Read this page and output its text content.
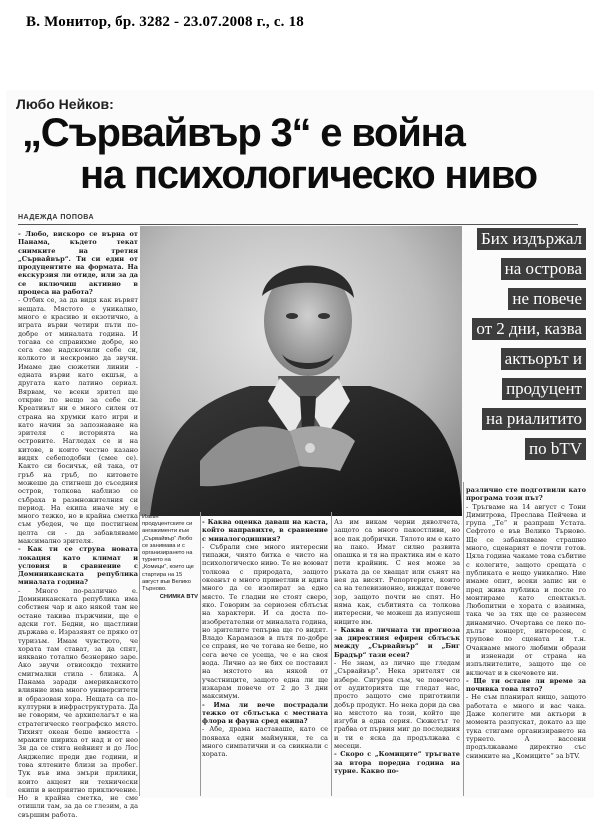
В. Монитор, бр. 3282 - 23.07.2008 г., с. 18
Любо Нейков:
„Сървайвър 3“ е война
на психологическо ниво
НАДЕЖДА ПОПОВА
Бих издържал
на острова
не повече
от 2 дни, казва
актьорът и
продуцент
на риалитито
по bTV

- Любо, вискоро се върна от Панама, където текат снимките на третия „Сървайвър“. Ти си един от продуцентите на формата. На екскурзия ли отиде, или за да се включиш активно в процеса на работа?

- Отбих се, за да видя как вървят нещата. Мястото е уникално, много е красиво и екзотично, а играта върви четири пъти по-добре от миналата година. И тогава се справихме добре, но сега сме надскочили себе си, колкото и нескромно да звучи. Имаме две сюжетни линии - едната върви като екшън, а другата като латино сериал. Вярвам, че всеки зрител ще открие по нещо за себе си. Креативът ни е много силен от страна на хрумки като игри и като начин за запознаване на зрителя с историята на островите. Нагледах се и на китове, в които честно казано видях себеподобни (смее се). Както си босичък, ей така, от гръб на гръб, по китовете можеше да стигнеш до съседния остров, толкова наблизо се събраха в размножителния си период. На екипа иначе му е много тежко, но в крайна сметка съм убеден, че ще постигнем целта си - да забавляваме максимално зрителя.

- Как ти се струва новата локация като климат и условия в сравнение с Доминиканската република миналата година?

- Много по-различно е. Доминиканската република има собствен чар и ако някой там не остане такива пържчини, ще е адски гот. Бедни, но щастливи държава е. Изразявят се пряко от туризъм. Имам чувството, че хората там стават, за да спят, няквано тотално безнервно заре. Ако звучи отвисокдо техните смигмалки стила - близка. А Панама заради американското влияние има много университети и образован хора. Нещата са по-културни в инфраструктурата. Да не говорим, че архипелагът е на стратегическо географско място. Тихият океан беше вмността - мраките шириха от над и от нео Зя да се стига нейният и до Лос Анджелис преди две години, и това ялтените близи за пробег. Тук във има змъри прилики, които акцент ни технически екипи в неприятно приключение. Но в крайна сметка, не сме отишли там, за да се глезим, а да свършим работа.

Извън продуцентските си ангажименти към „Сървайвър“ Любо се занимава и с организирането на турнето на „Комици“, които ще стартира на 15 август във Велико Търново.
СНИМКА BTV

- Каква оценка даваш на каста, който направихте, в сравнение с миналогодишния?

- Събрали сме много интересни типажи, чиято битка е чисто на психологическо ниво. Те не воюват толкова с природата, защото океанът е много приветлив и вдига много да се изолират за едно място. Те гладни не стоят сверо, яко. Говорим за сериозен сблъсък на характери. И са доста по-изобретателни от миналата година, но зрителите тепърва ще го видят. Владо Карамазов в пътя по-добре се справя, не че тогава не беше, но сега вече се усеща, че е на своя вода. Лично аз не бих се поставил на мястото на някой от участниците, защото една ли ще изкарам повече от 2 до 3 дни максимум.

- Има ли вече пострадали тежко от сблъсъка с местната флора и фауна сред екипа?

- Абе, драма наставаше, като се появаха едни маймунки, те са много симпатични и са свикнали с хората.

Аз им викам черни дяволчета, защото са много пакостливи, но все пак добрички. Тялото им е като на пако. Имат силно развита опашка и тя на практика им е като пети крайник. С нея може за ръката да се хващат или сънят на нея да висят. Репортерите, които са на телевизионно, виждат повече зор, защото почти не спят. Но няма как, събитията са толкова интересни, че можеш да изпуснеш ниците им.

- Каква е личната ти прогноза за директния ефирен сблъсък между „Сървайвър“ и „Биг Брадър“ тази есен?

- Не знам, аз лично ще гледам „Сървайвър“. Нека зрителят си избере. Сигурен съм, че повечето от аудиторията ще гледат нас, просто защото сме приготвили добър продукт. Но нека дори да сва на мястото на този, който ще изгуби в една серия. Сюжетът те грабва от първия миг до последния и ти е яска да продължава с месеци.

- Скоро с „Комиците“ тръгвате за втора поредна година на турне. Какво по-

различно сте подготвили като програма този път?

- Тръгваме на 14 август с Тони Димитрова, Преслава Пейчева и група „Те“ и разпраш Устата. Сефтото е във Велико Търново. Ще се забавляваме страшно много, сценарият е почти готов. Цяла година чакаме това събитие с колегите, защото срещата с публиката е нещо уникално. Ние имаме опит, всеки запис ни е пред жива публика и после го монтираме като спектакъл. Любопитни е хората с взаимна, така че за тях ще се разнесем динамично. Очертава се леко по-дълъг концерт, интересен, с трупове по сцената и т.н. Очакваме много любими образи и изненади от страна на изпълнителите, защото ще се включат и в скечовете ни.

- Ще ти остане ли време за почивка това лято?

- Не съм планирал нищо, защото работата е много и вас чака. Даже колегите ми актьори в момента разпускат, докато аз ще тука стигаме организирането на турнето. А вассени продължаваме директно със снимките на „Комиците“ за bTV.
